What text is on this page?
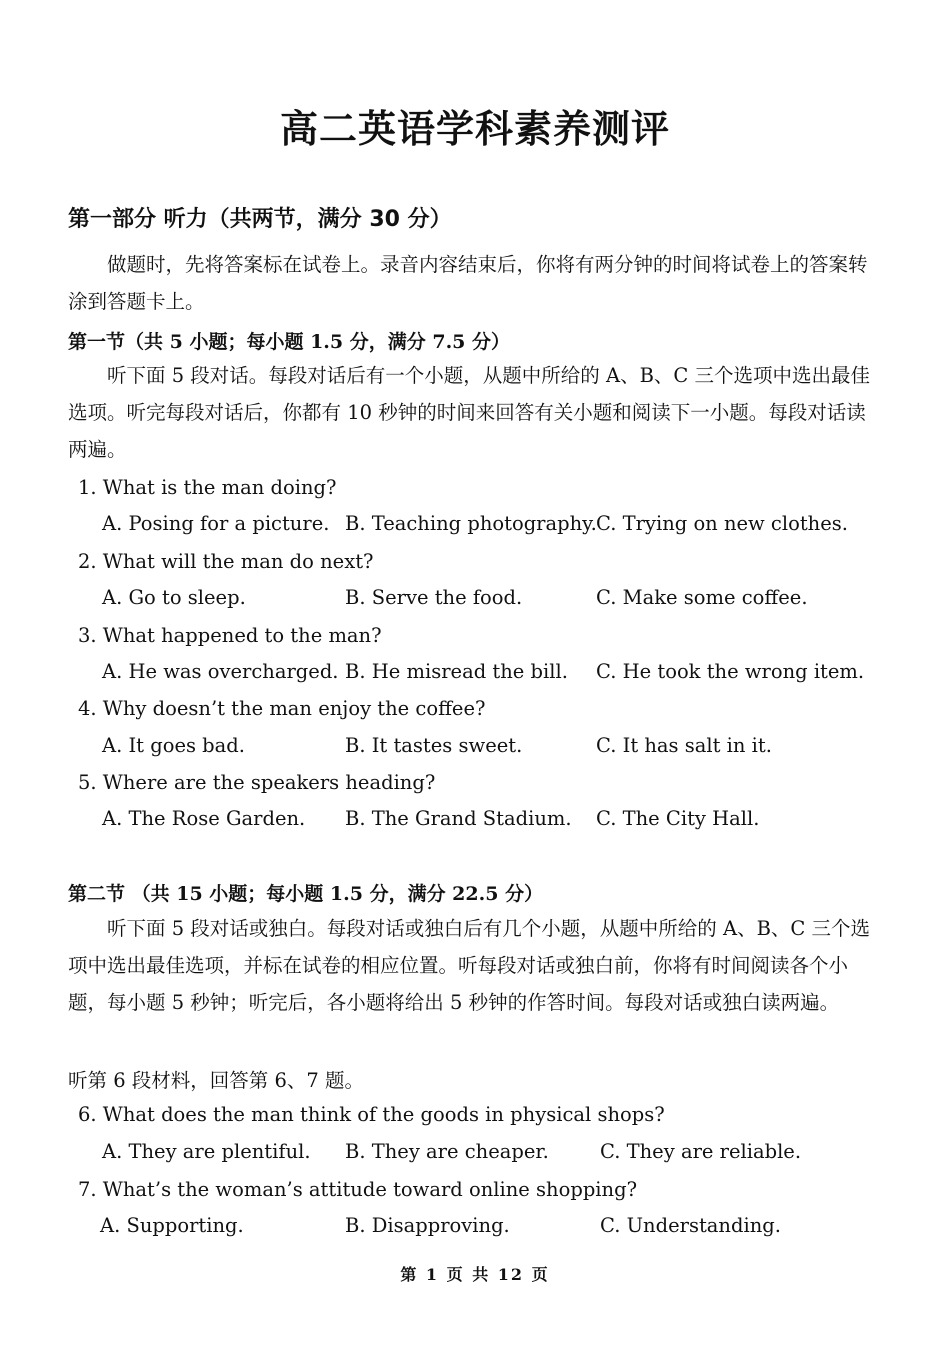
高二英语学科素养测评
第一部分 听力（共两节，满分 30 分）
做题时，先将答案标在试卷上。录音内容结束后，你将有两分钟的时间将试卷上的答案转涂到答题卡上。
第一节（共 5 小题；每小题 1.5 分，满分 7.5 分）
听下面 5 段对话。每段对话后有一个小题，从题中所给的 A、B、C 三个选项中选出最佳选项。听完每段对话后，你都有 10 秒钟的时间来回答有关小题和阅读下一小题。每段对话读两遍。
1. What is the man doing?
A. Posing for a picture. B. Teaching photography. C. Trying on new clothes.
2. What will the man do next?
A. Go to sleep.	B. Serve the food.	C. Make some coffee.
3. What happened to the man?
A. He was overcharged. B. He misread the bill. C. He took the wrong item.
4. Why doesn’t the man enjoy the coffee?
A. It goes bad.	B. It tastes sweet.	C. It has salt in it.
5. Where are the speakers heading?
A. The Rose Garden. B. The Grand Stadium. C. The City Hall.
第二节 （共 15 小题；每小题 1.5 分，满分 22.5 分）
听下面 5 段对话或独白。每段对话或独白后有几个小题，从题中所给的 A、B、C 三个选项中选出最佳选项，并标在试卷的相应位置。听每段对话或独白前，你将有时间阅读各个小题，每小题 5 秒钟；听完后，各小题将给出 5 秒钟的作答时间。每段对话或独白读两遍。
听第 6 段材料，回答第 6、7 题。
6. What does the man think of the goods in physical shops?
A. They are plentiful. B. They are cheaper.	C. They are reliable.
7. What’s the woman’s attitude toward online shopping?
A. Supporting.	B. Disapproving.	C. Understanding.
第 1 页 共 12 页
